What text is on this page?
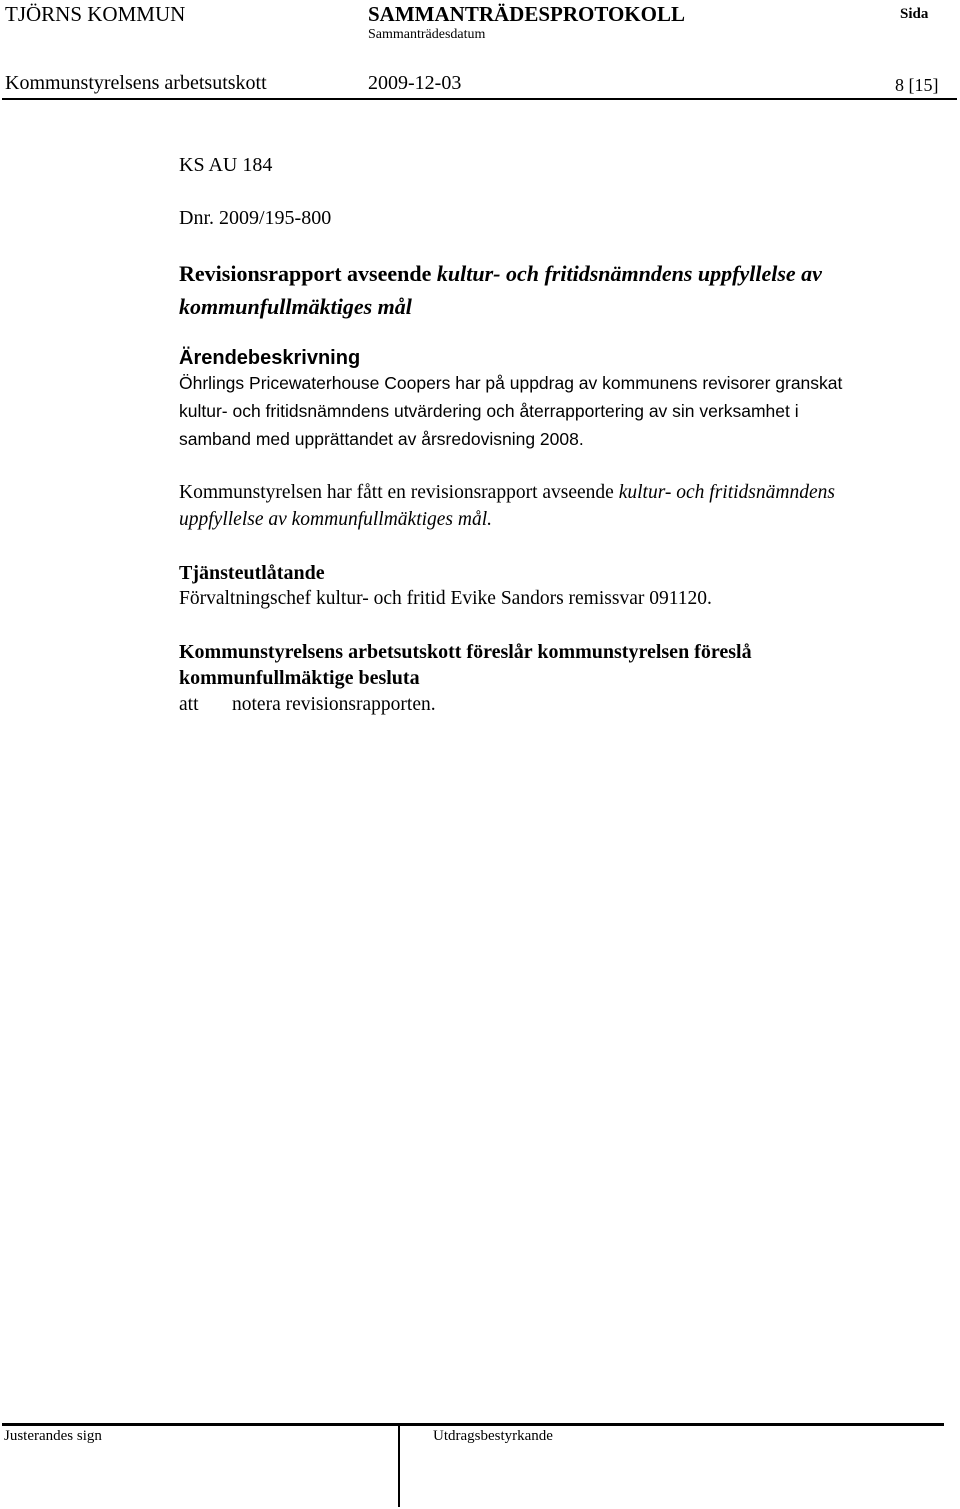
TJÖRNS KOMMUN	SAMMANTRÄDESPROTOKOLL	Sida
Sammanträdesdatum
Kommunstyrelsens arbetsutskott	2009-12-03	8 [15]
KS AU 184
Dnr. 2009/195-800
Revisionsrapport avseende kultur- och fritidsnämndens uppfyllelse av
kommunfullmäktiges mål
Ärendebeskrivning
Öhrlings Pricewaterhouse Coopers har på uppdrag av kommunens revisorer granskat
kultur- och fritidsnämndens utvärdering och återrapportering av sin verksamhet i
samband med upprättandet av årsredovisning 2008.
Kommunstyrelsen har fått en revisionsrapport avseende kultur- och fritidsnämndens
uppfyllelse av kommunfullmäktiges mål.
Tjänsteutlåtande
Förvaltningschef kultur- och fritid Evike Sandors remissvar 091120.
Kommunstyrelsens arbetsutskott föreslår kommunstyrelsen föreslå
kommunfullmäktige besluta
att notera revisionsrapporten.
Justerandes sign	Utdragsbestyrkande
